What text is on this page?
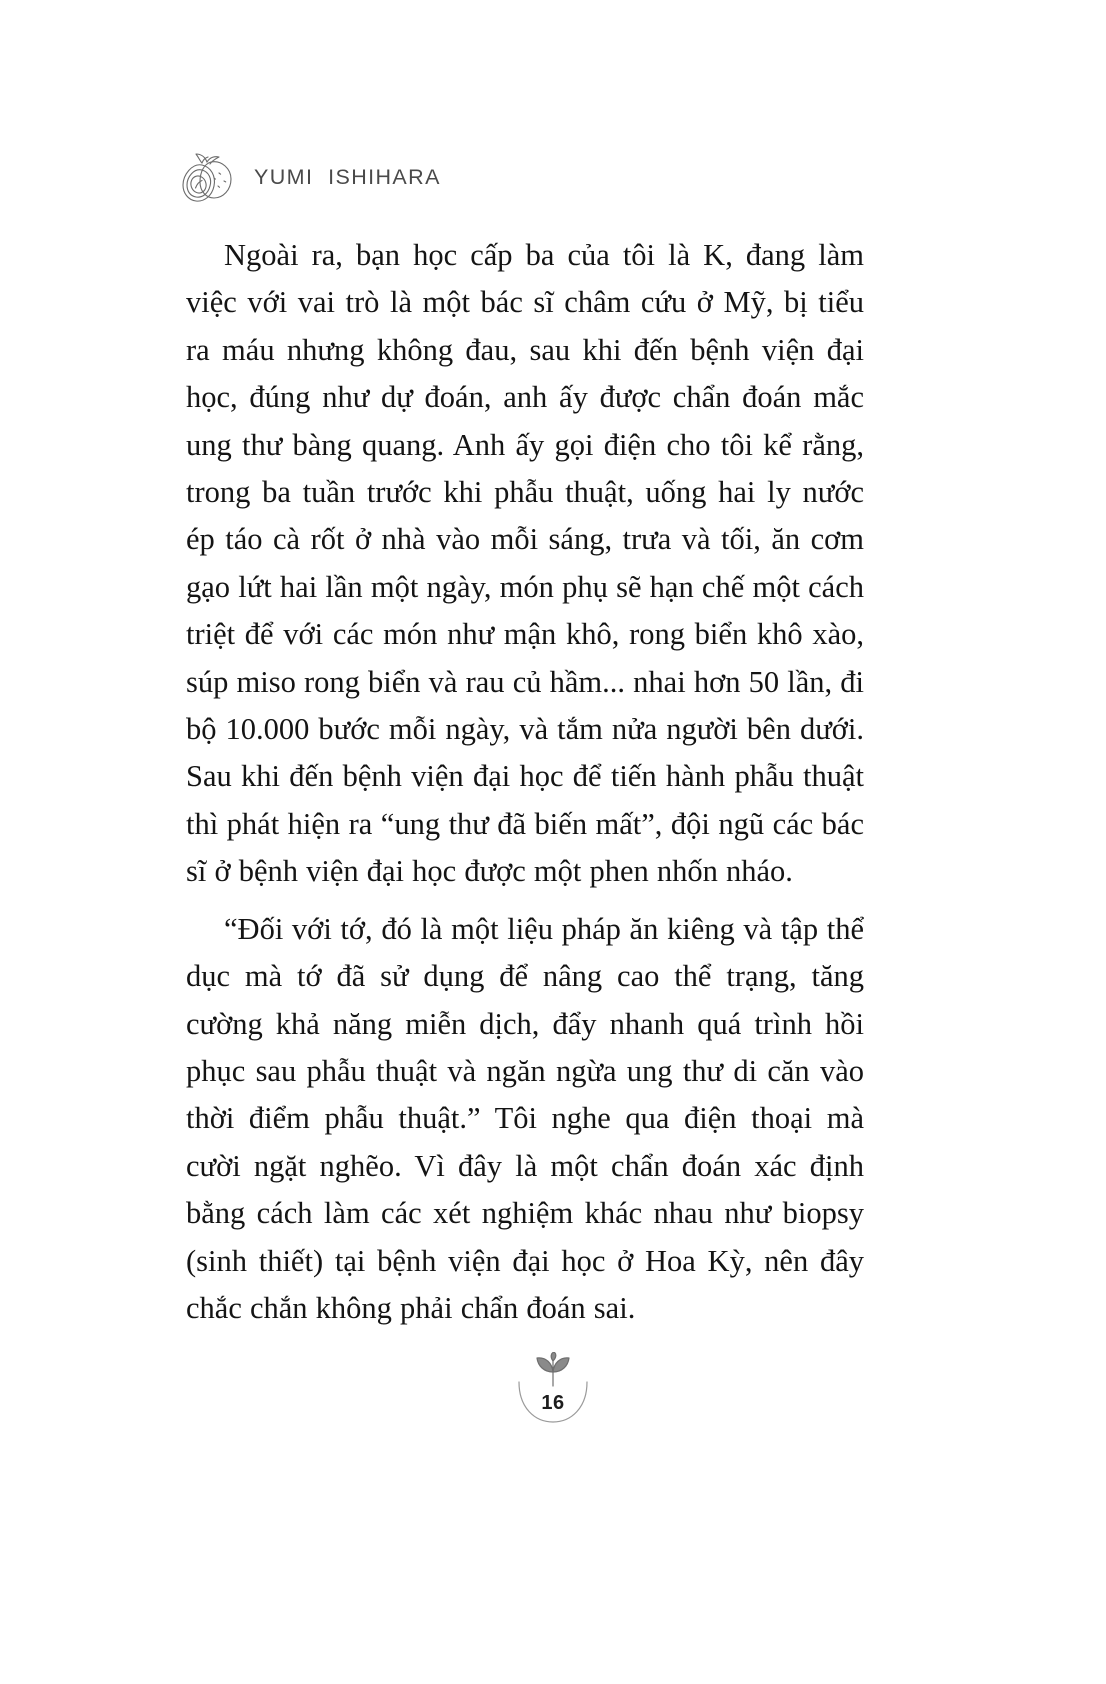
YUMI  ISHIHARA

Ngoài ra, bạn học cấp ba của tôi là K, đang làm việc với vai trò là một bác sĩ châm cứu ở Mỹ, bị tiểu ra máu nhưng không đau, sau khi đến bệnh viện đại học, đúng như dự đoán, anh ấy được chẩn đoán mắc ung thư bàng quang. Anh ấy gọi điện cho tôi kể rằng, trong ba tuần trước khi phẫu thuật, uống hai ly nước ép táo cà rốt ở nhà vào mỗi sáng, trưa và tối, ăn cơm gạo lứt hai lần một ngày, món phụ sẽ hạn chế một cách triệt để với các món như mận khô, rong biển khô xào, súp miso rong biển và rau củ hầm... nhai hơn 50 lần, đi bộ 10.000 bước mỗi ngày, và tắm nửa người bên dưới. Sau khi đến bệnh viện đại học để tiến hành phẫu thuật thì phát hiện ra “ung thư đã biến mất”, đội ngũ các bác sĩ ở bệnh viện đại học được một phen nhốn nháo.

“Đối với tớ, đó là một liệu pháp ăn kiêng và tập thể dục mà tớ đã sử dụng để nâng cao thể trạng, tăng cường khả năng miễn dịch, đẩy nhanh quá trình hồi phục sau phẫu thuật và ngăn ngừa ung thư di căn vào thời điểm phẫu thuật.” Tôi nghe qua điện thoại mà cười ngặt nghẽo. Vì đây là một chẩn đoán xác định bằng cách làm các xét nghiệm khác nhau như biopsy (sinh thiết) tại bệnh viện đại học ở Hoa Kỳ, nên đây chắc chắn không phải chẩn đoán sai.

16
